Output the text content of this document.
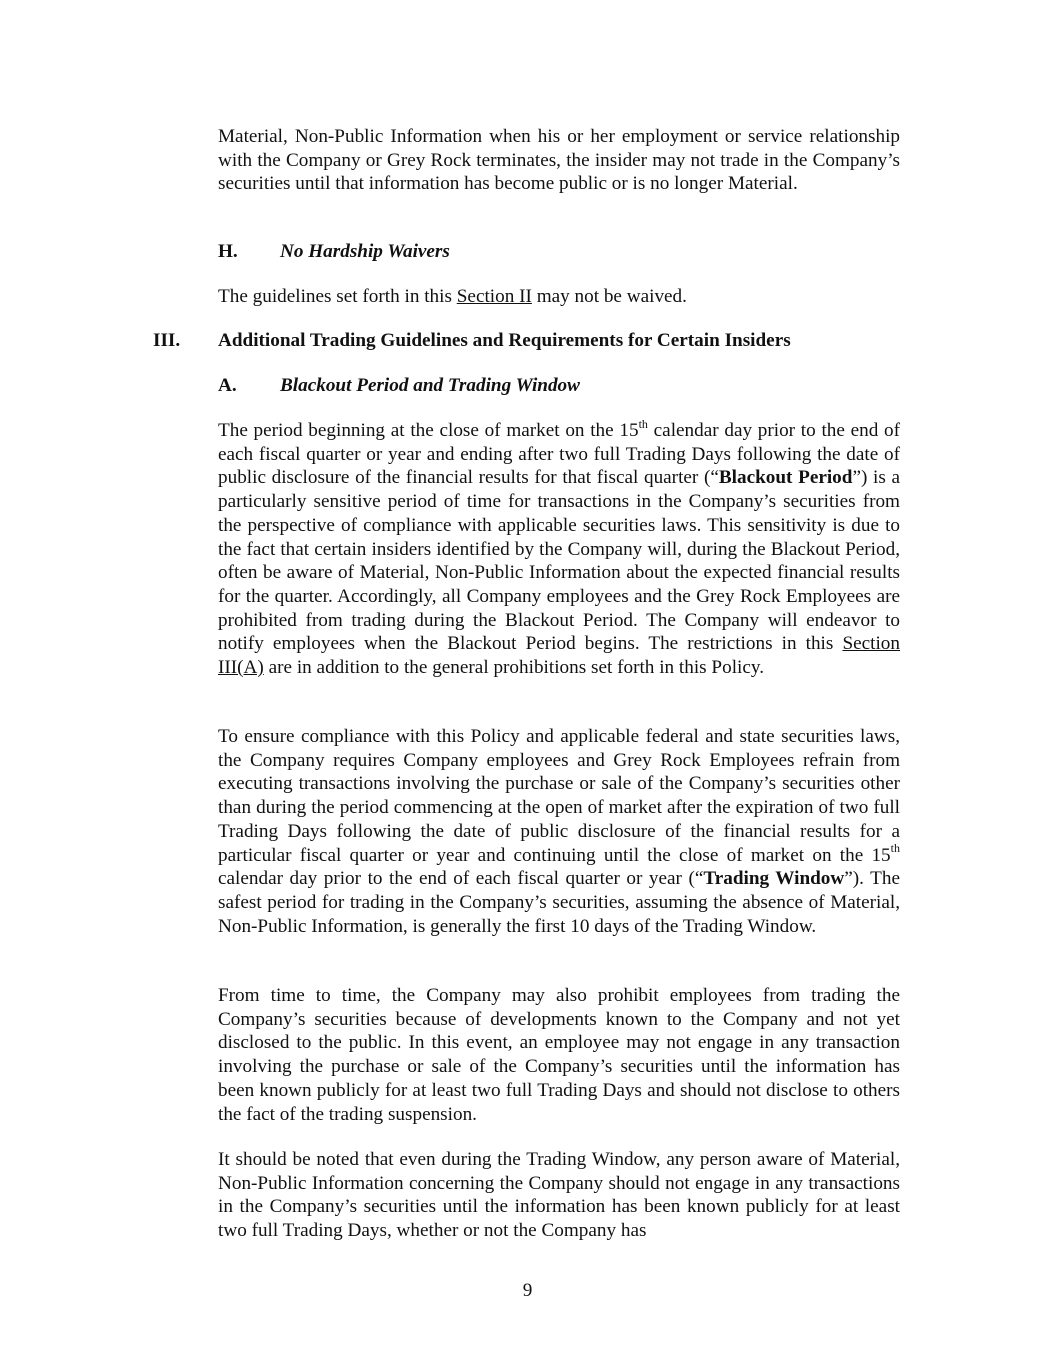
Material, Non-Public Information when his or her employment or service relationship with the Company or Grey Rock terminates, the insider may not trade in the Company’s securities until that information has become public or is no longer Material.

H. No Hardship Waivers

The guidelines set forth in this Section II may not be waived.

III. Additional Trading Guidelines and Requirements for Certain Insiders
A. Blackout Period and Trading Window

The period beginning at the close of market on the 15th calendar day prior to the end of each fiscal quarter or year and ending after two full Trading Days following the date of public disclosure of the financial results for that fiscal quarter (“Blackout Period”) is a particularly sensitive period of time for transactions in the Company’s securities from the perspective of compliance with applicable securities laws. This sensitivity is due to the fact that certain insiders identified by the Company will, during the Blackout Period, often be aware of Material, Non-Public Information about the expected financial results for the quarter. Accordingly, all Company employees and the Grey Rock Employees are prohibited from trading during the Blackout Period. The Company will endeavor to notify employees when the Blackout Period begins. The restrictions in this Section III(A) are in addition to the general prohibitions set forth in this Policy.

To ensure compliance with this Policy and applicable federal and state securities laws, the Company requires Company employees and Grey Rock Employees refrain from executing transactions involving the purchase or sale of the Company’s securities other than during the period commencing at the open of market after the expiration of two full Trading Days following the date of public disclosure of the financial results for a particular fiscal quarter or year and continuing until the close of market on the 15th calendar day prior to the end of each fiscal quarter or year (“Trading Window”). The safest period for trading in the Company’s securities, assuming the absence of Material, Non-Public Information, is generally the first 10 days of the Trading Window.

From time to time, the Company may also prohibit employees from trading the Company’s securities because of developments known to the Company and not yet disclosed to the public. In this event, an employee may not engage in any transaction involving the purchase or sale of the Company’s securities until the information has been known publicly for at least two full Trading Days and should not disclose to others the fact of the trading suspension.

It should be noted that even during the Trading Window, any person aware of Material, Non-Public Information concerning the Company should not engage in any transactions in the Company’s securities until the information has been known publicly for at least two full Trading Days, whether or not the Company has

9
